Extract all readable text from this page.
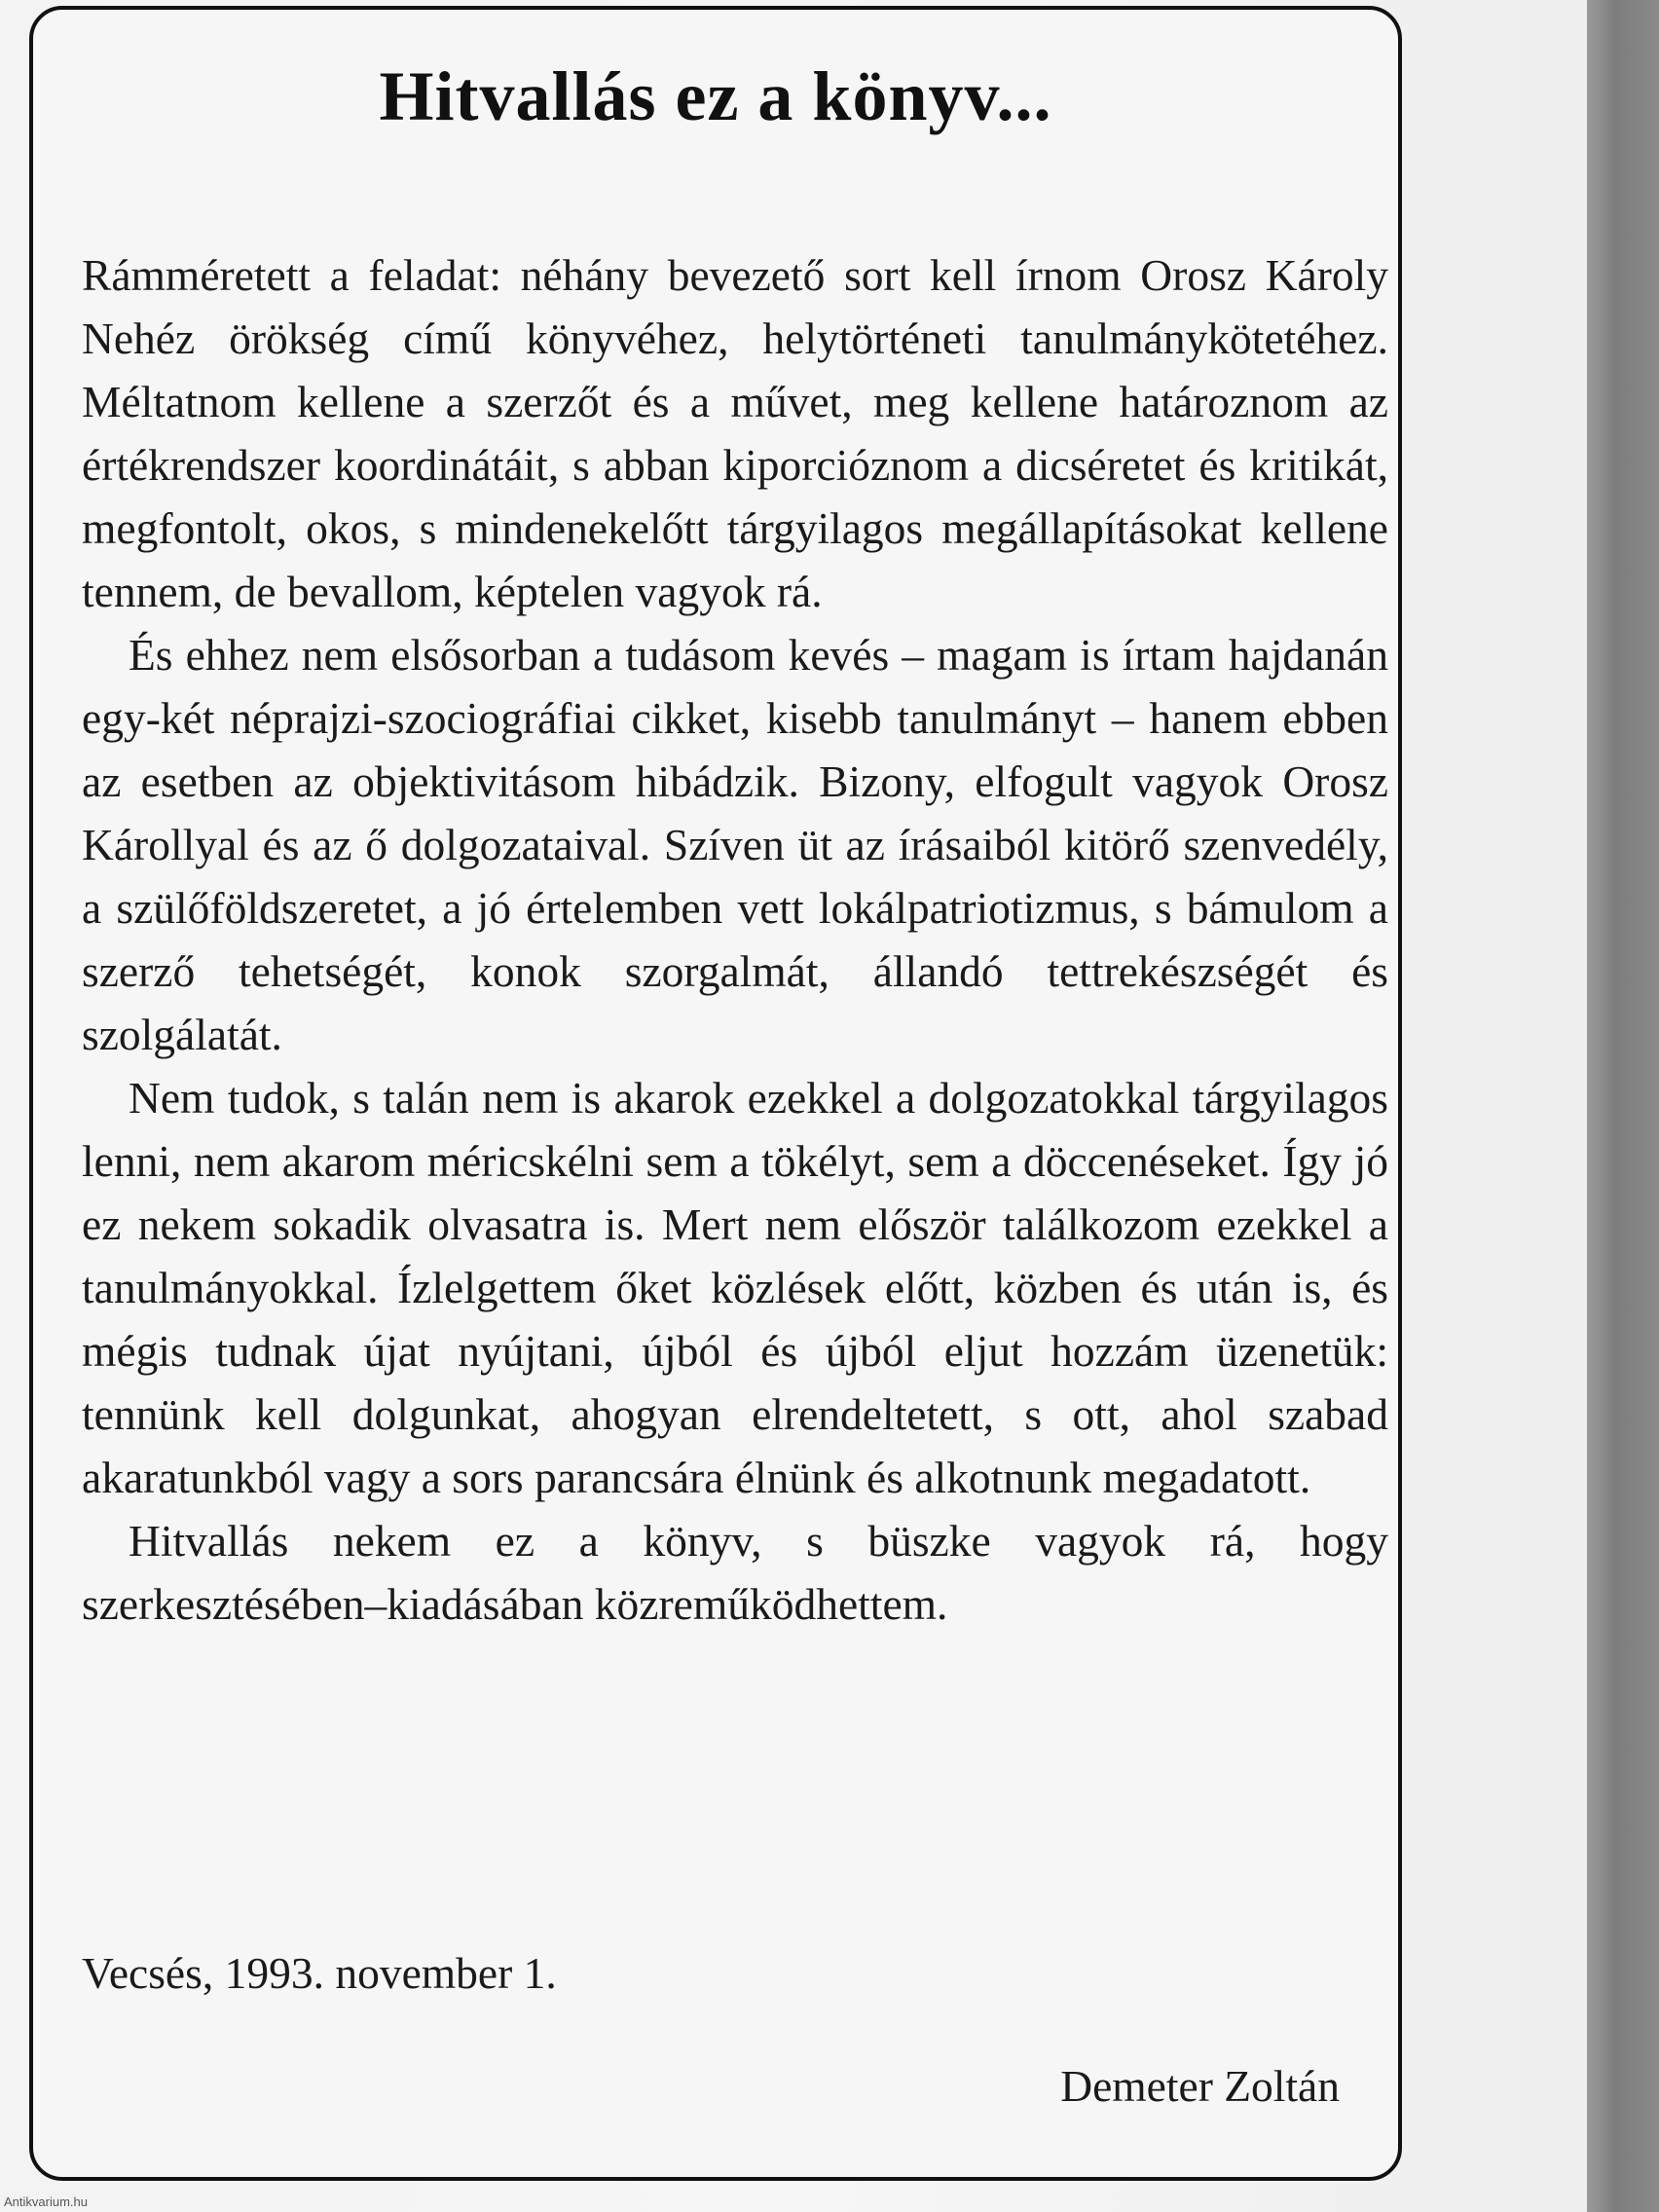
Hitvallás ez a könyv...

Rámméretett a feladat: néhány bevezető sort kell írnom Orosz Károly Nehéz örökség című könyvéhez, helytörténeti tanulmánykötetéhez. Méltatnom kellene a szerzőt és a művet, meg kellene határoznom az értékrendszer koordinátáit, s abban kiporcióznom a dicséretet és kritikát, megfontolt, okos, s mindenekelőtt tárgyilagos megállapításokat kellene tennem, de bevallom, képtelen vagyok rá.

És ehhez nem elsősorban a tudásom kevés – magam is írtam hajdanán egy-két néprajzi-szociográfiai cikket, kisebb tanulmányt – hanem ebben az esetben az objektivitásom hibádzik. Bizony, elfogult vagyok Orosz Károllyal és az ő dolgozataival. Szíven üt az írásaiból kitörő szenvedély, a szülőföldszeretet, a jó értelemben vett lokálpatriotizmus, s bámulom a szerző tehetségét, konok szorgalmát, állandó tettrekészségét és szolgálatát.

Nem tudok, s talán nem is akarok ezekkel a dolgozatokkal tárgyilagos lenni, nem akarom méricskélni sem a tökélyt, sem a döccenéseket. Így jó ez nekem sokadik olvasatra is. Mert nem először találkozom ezekkel a tanulmányokkal. Ízlelgettem őket közlések előtt, közben és után is, és mégis tudnak újat nyújtani, újból és újból eljut hozzám üzenetük: tennünk kell dolgunkat, ahogyan elrendeltetett, s ott, ahol szabad akaratunkból vagy a sors parancsára élnünk és alkotnunk megadatott.

Hitvallás nekem ez a könyv, s büszke vagyok rá, hogy szerkesztésében–kiadásában közreműködhettem.

Vecsés, 1993. november 1.

Demeter Zoltán

Antikvarium.hu
